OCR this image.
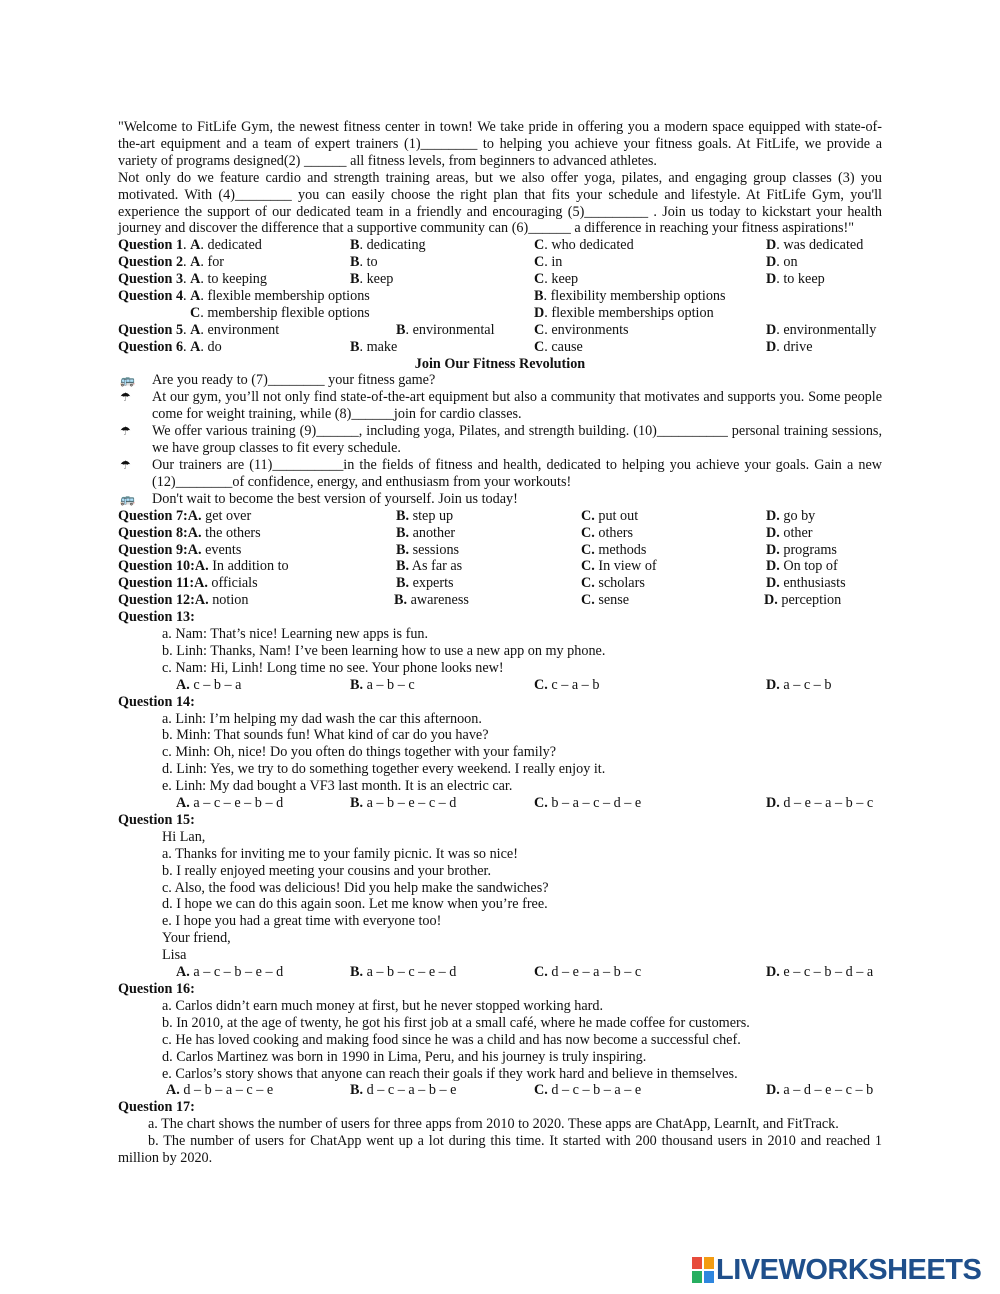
"Welcome to FitLife Gym, the newest fitness center in town! We take pride in offering you a modern space equipped with state-of-the-art equipment and a team of expert trainers (1)________ to helping you achieve your fitness goals. At FitLife, we provide a variety of programs designed(2) ______ all fitness levels, from beginners to advanced athletes.
Not only do we feature cardio and strength training areas, but we also offer yoga, pilates, and engaging group classes (3) you motivated. With (4)________ you can easily choose the right plan that fits your schedule and lifestyle. At FitLife Gym, you'll experience the support of our dedicated team in a friendly and encouraging (5)_________ . Join us today to kickstart your health journey and discover the difference that a supportive community can (6)______ a difference in reaching your fitness aspirations!"
Question 1. A. dedicated	B. dedicating	C. who dedicated	D. was dedicated
Question 2. A. for	B. to	C. in	D. on
Question 3. A. to keeping	B. keep	C. keep	D. to keep
Question 4. A. flexible membership options	B. flexibility membership options
C. membership flexible options	D. flexible memberships option
Question 5. A. environment	B. environmental	C. environments	D. environmentally
Question 6. A. do	B. make	C. cause	D. drive
Join Our Fitness Revolution
🚌 Are you ready to (7)________ your fitness game?
☂ At our gym, you’ll not only find state-of-the-art equipment but also a community that motivates and supports you. Some people come for weight training, while (8)______join for cardio classes.
☂ We offer various training (9)______, including yoga, Pilates, and strength building. (10)__________ personal training sessions, we have group classes to fit every schedule.
☂ Our trainers are (11)__________in the fields of fitness and health, dedicated to helping you achieve your goals. Gain a new (12)________of confidence, energy, and enthusiasm from your workouts!
🚌 Don't wait to become the best version of yourself. Join us today!
Question 7:A. get over	B. step up	C. put out	D. go by
Question 8:A. the others	B. another	C. others	D. other
Question 9:A. events	B. sessions	C. methods	D. programs
Question 10:A. In addition to	B. As far as	C. In view of	D. On top of
Question 11:A. officials	B. experts	C. scholars	D. enthusiasts
Question 12:A. notion	B. awareness	C. sense	D. perception
Question 13:
a. Nam: That’s nice! Learning new apps is fun.
b. Linh: Thanks, Nam! I’ve been learning how to use a new app on my phone.
c. Nam: Hi, Linh! Long time no see. Your phone looks new!
A. c – b – a	B. a – b – c	C. c – a – b	D. a – c – b
Question 14:
a. Linh: I’m helping my dad wash the car this afternoon.
b. Minh: That sounds fun! What kind of car do you have?
c. Minh: Oh, nice! Do you often do things together with your family?
d. Linh: Yes, we try to do something together every weekend. I really enjoy it.
e. Linh: My dad bought a VF3 last month. It is an electric car.
A. a – c – e – b – d	B. a – b – e – c – d	C. b – a – c – d – e	D. d – e – a – b – c
Question 15:
Hi Lan,
a. Thanks for inviting me to your family picnic. It was so nice!
b. I really enjoyed meeting your cousins and your brother.
c. Also, the food was delicious! Did you help make the sandwiches?
d. I hope we can do this again soon. Let me know when you’re free.
e. I hope you had a great time with everyone too!
Your friend,
Lisa
A. a – c – b – e – d	B. a – b – c – e – d	C. d – e – a – b – c	D. e – c – b – d – a
Question 16:
a. Carlos didn’t earn much money at first, but he never stopped working hard.
b. In 2010, at the age of twenty, he got his first job at a small café, where he made coffee for customers.
c. He has loved cooking and making food since he was a child and has now become a successful chef.
d. Carlos Martinez was born in 1990 in Lima, Peru, and his journey is truly inspiring.
e. Carlos’s story shows that anyone can reach their goals if they work hard and believe in themselves.
A. d – b – a – c – e	B. d – c – a – b – e	C. d – c – b – a – e	D. a – d – e – c – b
Question 17:
a. The chart shows the number of users for three apps from 2010 to 2020. These apps are ChatApp, LearnIt, and FitTrack.
b. The number of users for ChatApp went up a lot during this time. It started with 200 thousand users in 2010 and reached 1 million by 2020.
LIVEWORKSHEETS
